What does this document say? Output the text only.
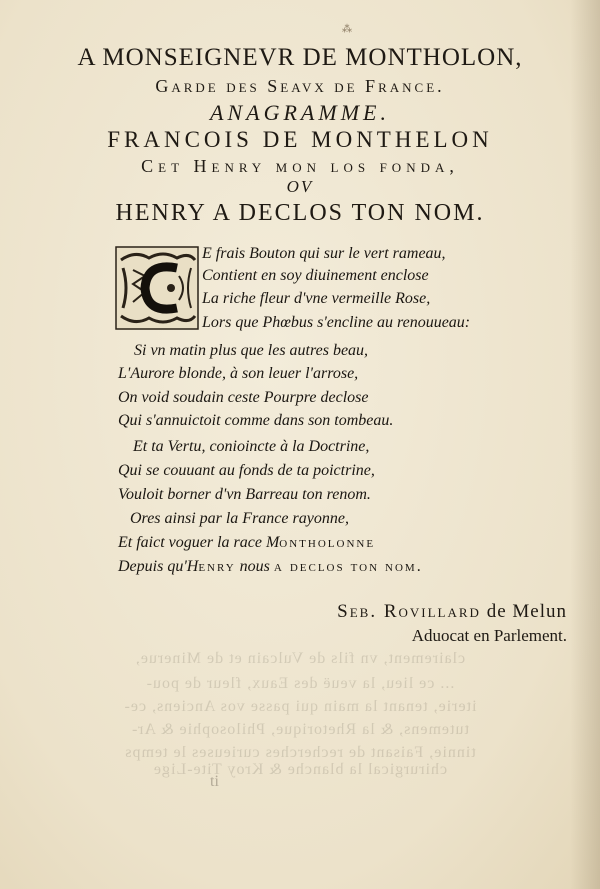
clairement, vn fils de Vulcain et de Minerue,
... ce lieu, la veuë des Eaux, fleur de pou-
iterie, tenant la main qui passe vos Anciens, ce-
tutemens, & la Rhetorique, Philosophie & Ar-
tinnie, Faisant de recherches curieuses le temps
chirurgical la blanche & Kroy Tite-Lige
ti
⁂
A MONSEIGNEVR DE MONTHOLON,
Garde des Seavx de France.
ANAGRAMME.
FRANCOIS DE MONTHELON
Cet Henry mon los fonda,
OV
HENRY A DECLOS TON NOM.
E frais Bouton qui sur le vert rameau,
Contient en soy diuinement enclose
La riche fleur d'vne vermeille Rose,
Lors que Phœbus s'encline au renouueau:
Si vn matin plus que les autres beau,
L'Aurore blonde, à son leuer l'arrose,
On void soudain ceste Pourpre declose
Qui s'annuictoit comme dans son tombeau.
Et ta Vertu, conioincte à la Doctrine,
Qui se couuant au fonds de ta poictrine,
Vouloit borner d'vn Barreau ton renom.
Ores ainsi par la France rayonne,
Et faict voguer la race Montholonne
Depuis qu'Henry nous a declos ton nom.
Seb. Rovillard de Melun
Aduocat en Parlement.
